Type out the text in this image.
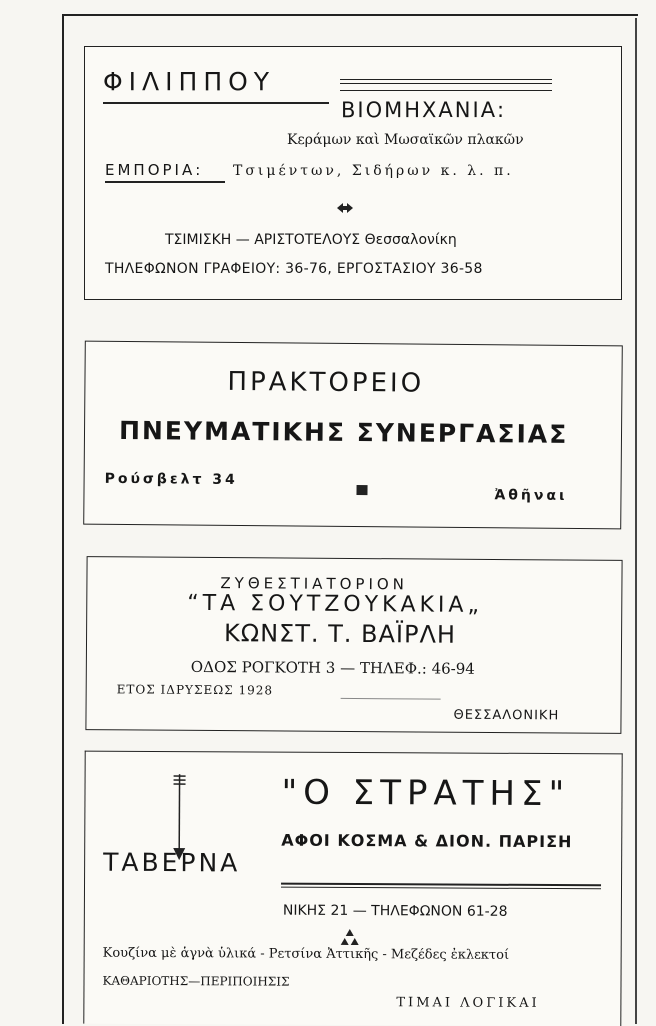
ΦΙΛΙΠΠΟΥ
ΒΙΟΜΗΧΑΝΙΑ:
Κεράμων καὶ Μωσαϊκῶν πλακῶν
ΕΜΠΟΡΙΑ: Τσιμέντων, Σιδήρων κ. λ. π.
ΤΣΙΜΙΣΚΗ — ΑΡΙΣΤΟΤΕΛΟΥΣ Θεσσαλονίκη
ΤΗΛΕΦΩΝΟΝ ΓΡΑΦΕΙΟΥ: 36-76, ΕΡΓΟΣΤΑΣΙΟΥ 36-58
ΠΡΑΚΤΟΡΕΙΟ
ΠΝΕΥΜΑΤΙΚΗΣ ΣΥΝΕΡΓΑΣΙΑΣ
Ρούσβελτ 34
Ἀθῆναι
ΖΥΘΕΣΤΙΑΤΟΡΙΟΝ
“ΤΑ ΣΟΥΤΖΟΥΚΑΚΙΑ„
ΚΩΝΣΤ. Τ. ΒΑΪΡΛΗ
ΟΔΟΣ ΡΟΓΚΟΤΗ 3 — ΤΗΛΕΦ.: 46-94
ΕΤΟΣ ΙΔΡΥΣΕΩΣ 1928
ΘΕΣΣΑΛΟΝΙΚΗ
ΤΑΒΕΡΝΑ
"Ο ΣΤΡΑΤΗΣ"
ΑΦΟΙ ΚΟΣΜΑ & ΔΙΟΝ. ΠΑΡΙΣΗ
ΝΙΚΗΣ 21 — ΤΗΛΕΦΩΝΟΝ 61-28
Κουζίνα μὲ ἁγνὰ ὑλικά - Ρετσίνα Ἀττικῆς - Μεζέδες ἐκλεκτοί
ΚΑΘΑΡΙΟΤΗΣ—ΠΕΡΙΠΟΙΗΣΙΣ
ΤΙΜΑΙ ΛΟΓΙΚΑΙ
